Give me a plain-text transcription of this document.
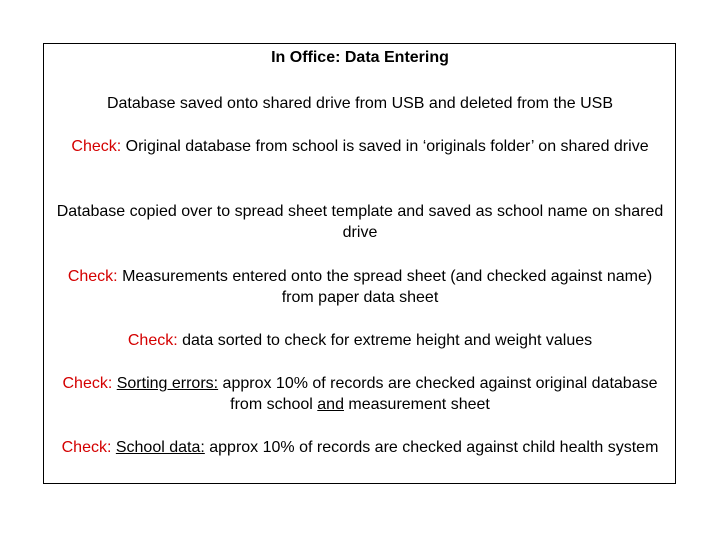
In Office: Data Entering
Database saved onto shared drive from USB and deleted from the USB
Check: Original database from school is saved in ‘originals folder’ on shared drive
Database copied over to spread sheet template and saved as school name on shared drive
Check: Measurements entered onto the spread sheet (and checked against name) from paper data sheet
Check: data sorted to check for extreme height and weight values
Check: Sorting errors: approx 10% of records are checked against original database from school and measurement sheet
Check: School data: approx 10% of records are checked against child health system
